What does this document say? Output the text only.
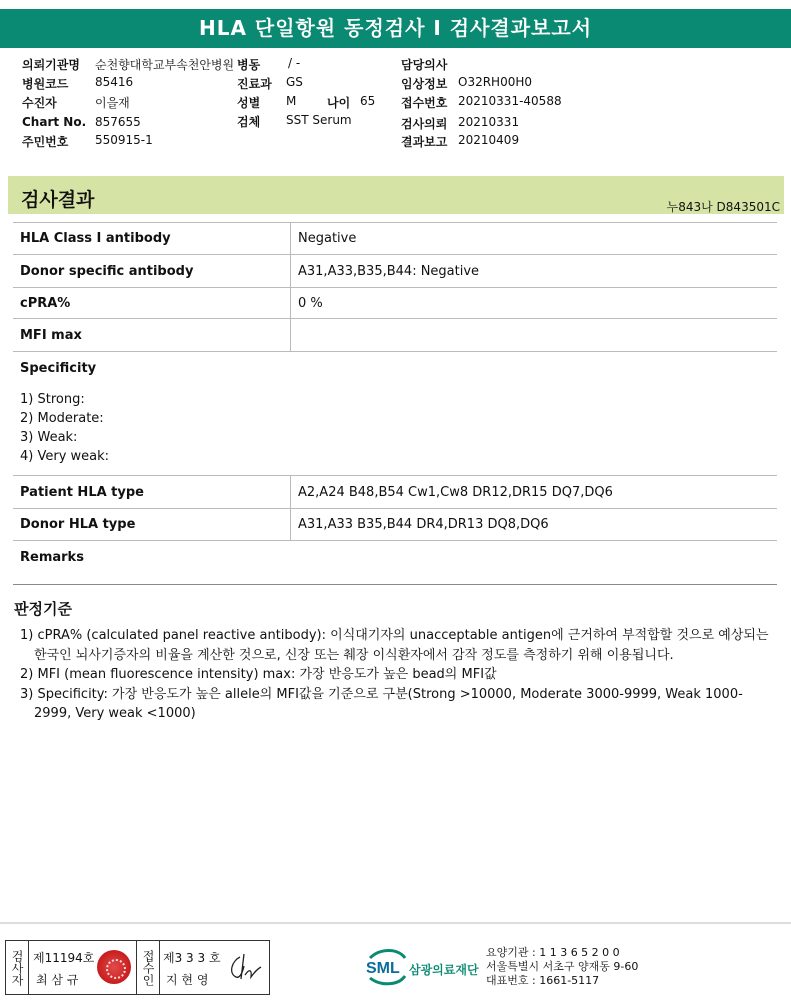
HLA 단일항원 동정검사 I 검사결과보고서
의뢰기관명 순천향대학교부속천안병원 병동 / -	담당의사
병원코드 85416	진료과 GS	임상정보 O32RH00H0
수진자	이을재	성별 M	나이 65 접수번호 20210331-40588
Chart No. 857655	검체 SST Serum	검사의뢰 20210331
주민번호 550915-1	결과보고 20210409
검사결과	누843나 D843501C
HLA Class I antibody	Negative
Donor specific antibody	A31,A33,B35,B44: Negative
cPRA%	0 %
MFI max	

Specificity
1) Strong:
2) Moderate:
3) Weak:
4) Very weak:	

Patient HLA type	A2,A24 B48,B54 Cw1,Cw8 DR12,DR15 DQ7,DQ6
Donor HLA type	A31,A33 B35,B44 DR4,DR13 DQ8,DQ6

Remarks	
판정기준
1) cPRA% (calculated panel reactive antibody): 이식대기자의 unacceptable antigen에 근거하여 부적합할 것으로 예상되는 한국인 뇌사기증자의 비율을 계산한 것으로, 신장 또는 췌장 이식환자에서 감작 정도를 측정하기 위해 이용됩니다.
2) MFI (mean fluorescence intensity) max: 가장 반응도가 높은 bead의 MFI값
3) Specificity: 가장 반응도가 높은 allele의 MFI값을 기준으로 구분(Strong >10000, Moderate 3000-9999, Weak 1000-2999, Very weak <1000)
검사자 제11194호
최 삼 규	접수인 제3 3 3 호
지 현 영
SML 삼광의료재단
요양기관 : 1 1 3 6 5 2 0 0
서울특별시 서초구 양재동 9-60
대표번호 : 1661-5117
